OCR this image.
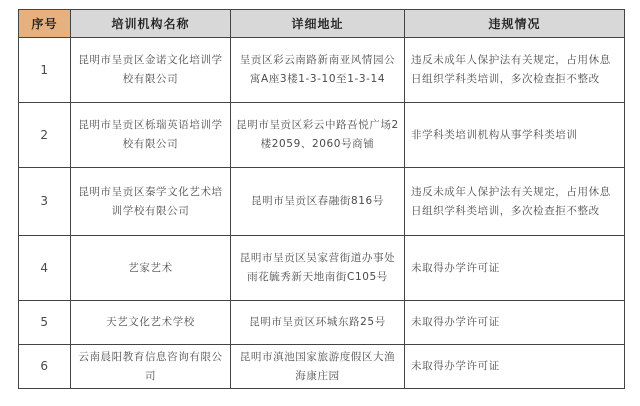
序号	培训机构名称	详细地址	违规情况
1	昆明市呈贡区金诺文化培训学校有限公司	呈贡区彩云南路新南亚风情园公寓A座3楼1-3-10至1-3-14	违反未成年人保护法有关规定，占用休息日组织学科类培训，多次检查拒不整改
2	昆明市呈贡区栎瑞英语培训学校有限公司	昆明市呈贡区彩云中路吾悦广场2楼2059、2060号商铺	非学科类培训机构从事学科类培训
3	昆明市呈贡区秦学文化艺术培训学校有限公司	昆明市呈贡区春融街816号	违反未成年人保护法有关规定，占用休息日组织学科类培训，多次检查拒不整改
4	艺家艺术	昆明市呈贡区吴家营街道办事处雨花毓秀新天地南街C105号	未取得办学许可证
5	天艺文化艺术学校	昆明市呈贡区环城东路25号	未取得办学许可证
6	云南晨阳教育信息咨询有限公司	昆明市滇池国家旅游度假区大渔海康庄园	未取得办学许可证
